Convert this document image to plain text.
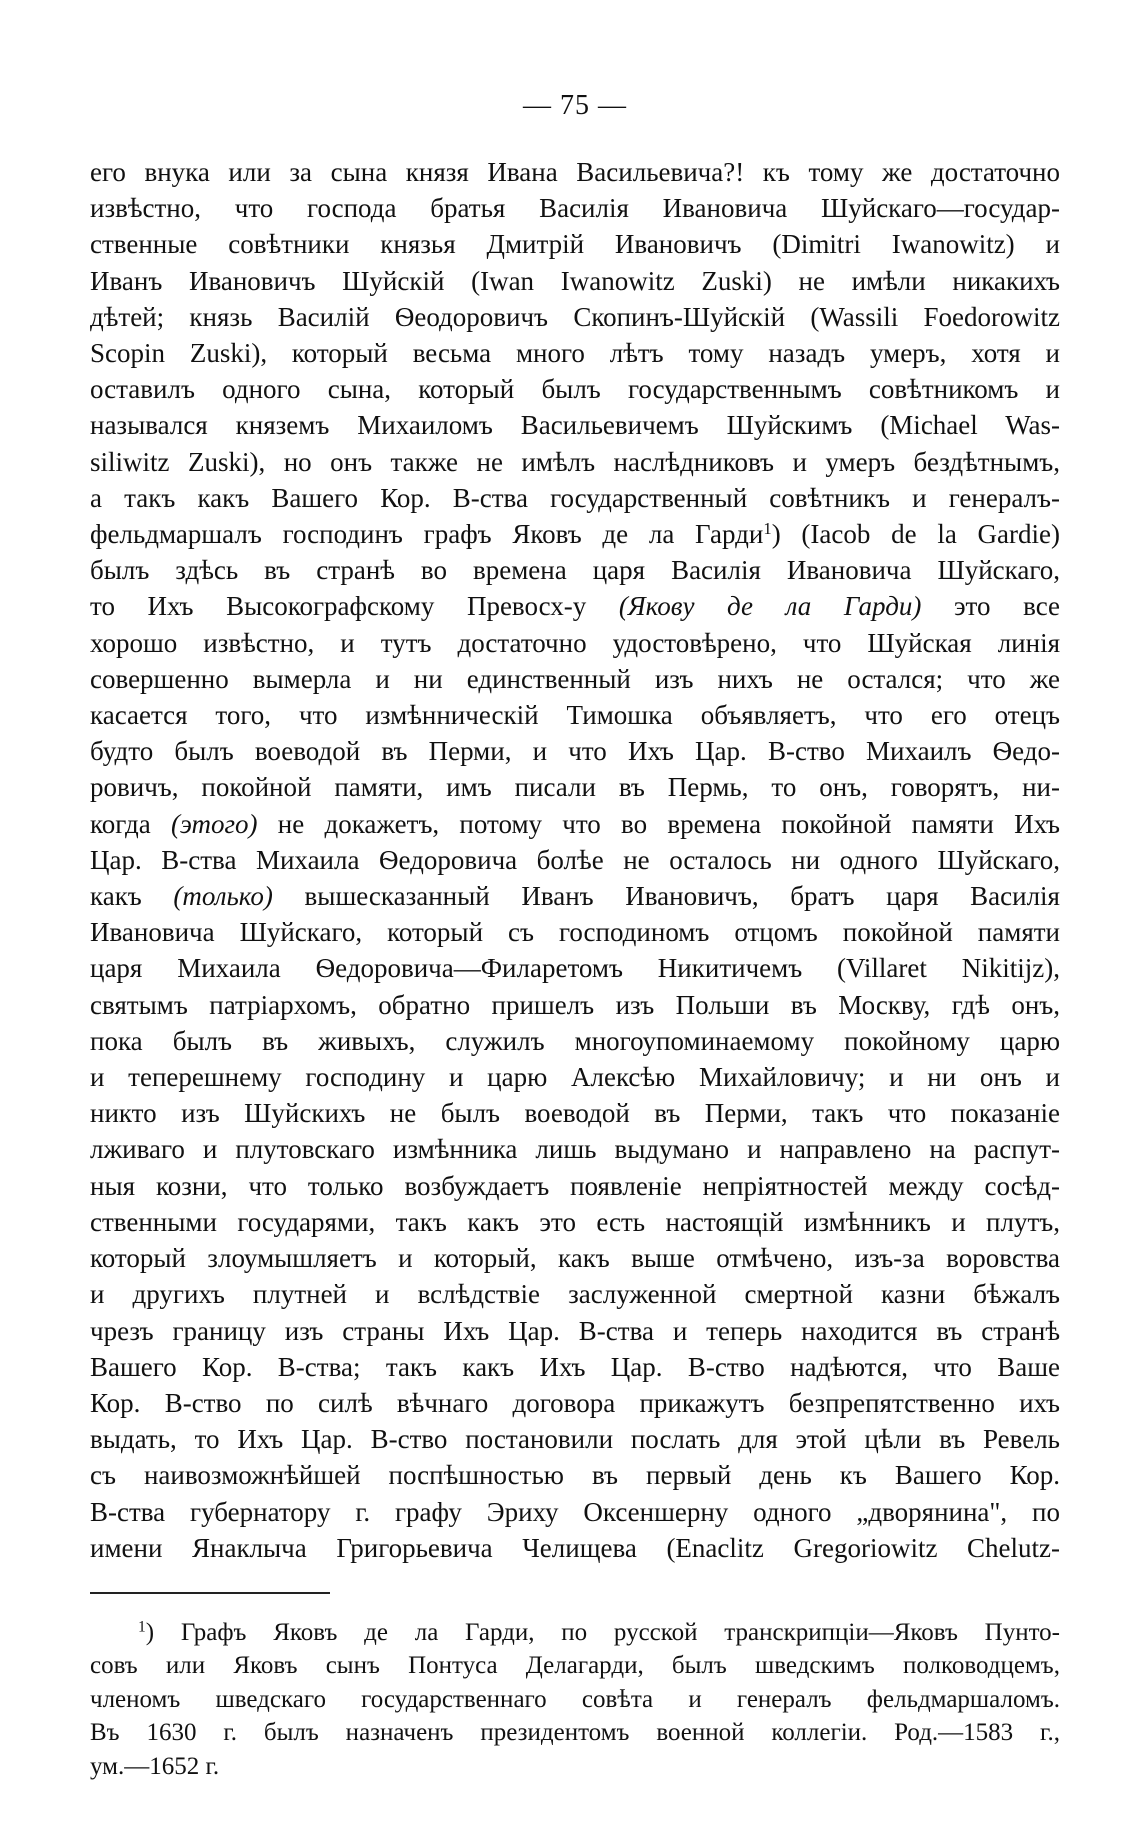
— 75 —
его внука или за сына князя Ивана Васильевича?! къ тому же достаточно
извѣстно, что господа братья Василія Ивановича Шуйскаго—государ-
ственные совѣтники князья Дмитрій Ивановичъ (Dimitri Iwanowitz) и
Иванъ Ивановичъ Шуйскій (Iwan Iwanowitz Zuski) не имѣли никакихъ
дѣтей; князь Василій Ѳеодоровичъ Скопинъ-Шуйскій (Wassili Foedorowitz
Scopin Zuski), который весьма много лѣтъ тому назадъ умеръ, хотя и
оставилъ одного сына, который былъ государственнымъ совѣтникомъ и
назывался княземъ Михаиломъ Васильевичемъ Шуйскимъ (Michael Was-
siliwitz Zuski), но онъ также не имѣлъ наслѣдниковъ и умеръ бездѣтнымъ,
а такъ какъ Вашего Кор. В-ства государственный совѣтникъ и генералъ-
фельдмаршалъ господинъ графъ Яковъ де ла Гарди$^1$) (Iacob de la Gardie)
былъ здѣсь въ странѣ во времена царя Василія Ивановича Шуйскаго,
то Ихъ Высокографскому Превосх-у (Якову де ла Гарди) это все
хорошо извѣстно, и тутъ достаточно удостовѣрено, что Шуйская линія
совершенно вымерла и ни единственный изъ нихъ не остался; что же
касается того, что измѣнническій Тимошка объявляетъ, что его отецъ
будто былъ воеводой въ Перми, и что Ихъ Цар. В-ство Михаилъ Ѳедо-
ровичъ, покойной памяти, имъ писали въ Пермь, то онъ, говорятъ, ни-
когда (этого) не докажетъ, потому что во времена покойной памяти Ихъ
Цар. В-ства Михаила Ѳедоровича болѣе не осталось ни одного Шуйскаго,
какъ (только) вышесказанный Иванъ Ивановичъ, братъ царя Василія
Ивановича Шуйскаго, который съ господиномъ отцомъ покойной памяти
царя Михаила Ѳедоровича—Филаретомъ Никитичемъ (Villaret Nikitijz),
святымъ патріархомъ, обратно пришелъ изъ Польши въ Москву, гдѣ онъ,
пока былъ въ живыхъ, служилъ многоупоминаемому покойному царю
и теперешнему господину и царю Алексѣю Михайловичу; и ни онъ и
никто изъ Шуйскихъ не былъ воеводой въ Перми, такъ что показаніе
лживаго и плутовскаго измѣнника лишь выдумано и направлено на распут-
ныя козни, что только возбуждаетъ появленіе непріятностей между сосѣд-
ственными государями, такъ какъ это есть настоящій измѣнникъ и плутъ,
который злоумышляетъ и который, какъ выше отмѣчено, изъ-за воровства
и другихъ плутней и вслѣдствіе заслуженной смертной казни бѣжалъ
чрезъ границу изъ страны Ихъ Цар. В-ства и теперь находится въ странѣ
Вашего Кор. В-ства; такъ какъ Ихъ Цар. В-ство надѣются, что Ваше
Кор. В-ство по силѣ вѣчнаго договора прикажутъ безпрепятственно ихъ
выдать, то Ихъ Цар. В-ство постановили послать для этой цѣли въ Ревель
съ наивозможнѣйшей поспѣшностью въ первый день къ Вашего Кор.
В-ства губернатору г. графу Эриху Оксеншерну одного „дворянина", по
имени Янаклыча Григорьевича Челищева (Enaclitz Gregoriowitz Chelutz-
$^1$) Графъ Яковъ де ла Гарди, по русской транскрипціи—Яковъ Пунто-
совъ или Яковъ сынъ Понтуса Делагарди, былъ шведскимъ полководцемъ,
членомъ шведскаго государственнаго совѣта и генералъ фельдмаршаломъ.
Въ 1630 г. былъ назначенъ президентомъ военной коллегіи. Род.—1583 г.,
ум.—1652 г.
